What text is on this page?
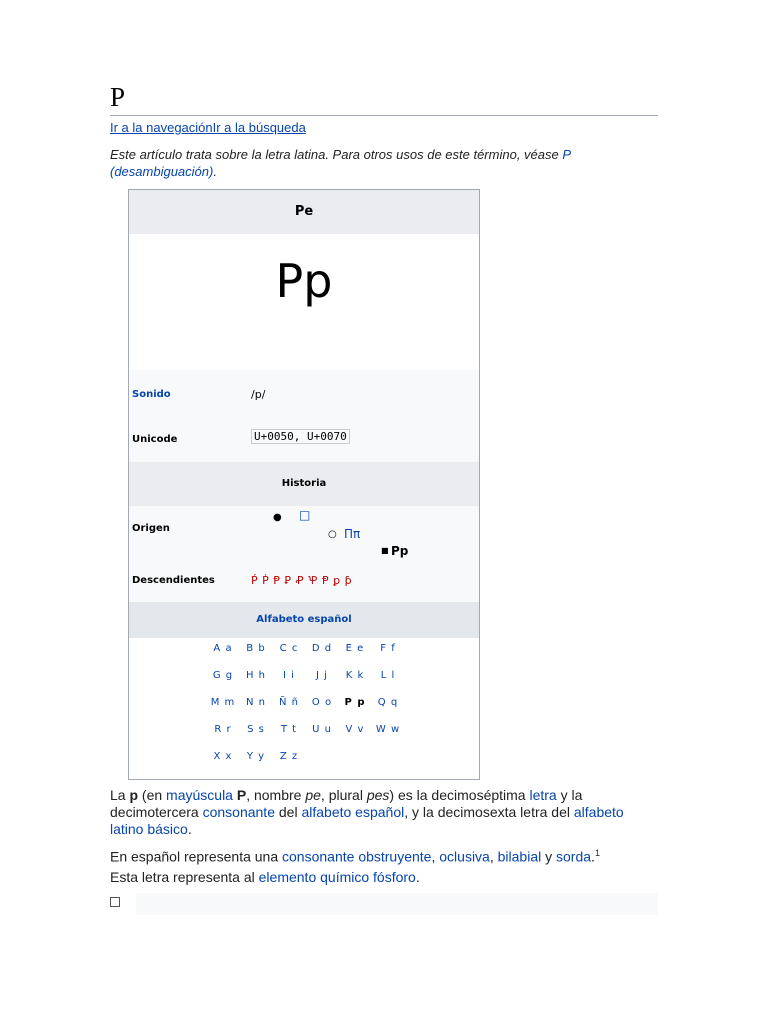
P
Ir a la navegaciónIr a la búsqueda
Este artículo trata sobre la letra latina. Para otros usos de este término, véase P (desambiguación).
Pe
Pp
Sonido	/p/
Unicode	U+0050, U+0070
Historia
Origen
● □
○ Ππ
■ Pp
Descendientes	Ṕ Ṗ Ᵽ Ꝑ Ꝓ Ꝕ Ᵽ ꝑ ƥ
Alfabeto español
A a	B b	C c	D d	E e	F f
G g	H h	I i	J j	K k	L l
M m	N n	Ñ ñ	O o	P p	Q q
R r	S s	T t	U u	V v	W w
X x	Y y	Z z
La p (en mayúscula P, nombre pe, plural pes) es la decimoséptima letra y la decimotercera consonante del alfabeto español, y la decimosexta letra del alfabeto latino básico.
En español representa una consonante obstruyente, oclusiva, bilabial y sorda.$^1$
Esta letra representa al elemento químico fósforo.
